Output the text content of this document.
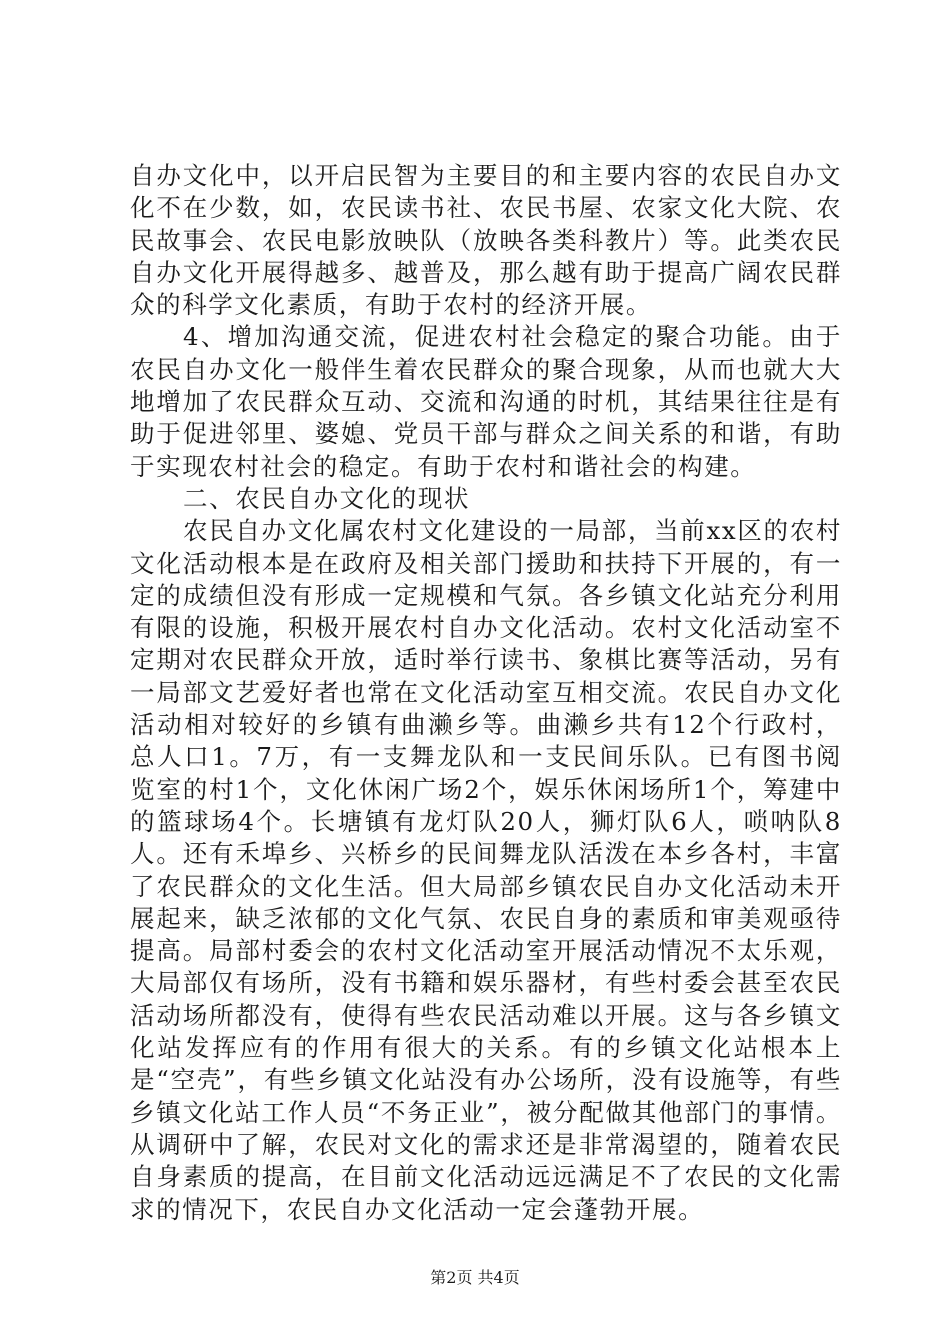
自办文化中，以开启民智为主要目的和主要内容的农民自办文化不在少数，如，农民读书社、农民书屋、农家文化大院、农民故事会、农民电影放映队（放映各类科教片）等。此类农民自办文化开展得越多、越普及，那么越有助于提高广阔农民群众的科学文化素质，有助于农村的经济开展。

4、增加沟通交流，促进农村社会稳定的聚合功能。由于农民自办文化一般伴生着农民群众的聚合现象，从而也就大大地增加了农民群众互动、交流和沟通的时机，其结果往往是有助于促进邻里、婆媳、党员干部与群众之间关系的和谐，有助于实现农村社会的稳定。有助于农村和谐社会的构建。

二、农民自办文化的现状

农民自办文化属农村文化建设的一局部，当前xx区的农村文化活动根本是在政府及相关部门援助和扶持下开展的，有一定的成绩但没有形成一定规模和气氛。各乡镇文化站充分利用有限的设施，积极开展农村自办文化活动。农村文化活动室不定期对农民群众开放，适时举行读书、象棋比赛等活动，另有一局部文艺爱好者也常在文化活动室互相交流。农民自办文化活动相对较好的乡镇有曲濑乡等。曲濑乡共有12个行政村，总人口1。7万，有一支舞龙队和一支民间乐队。已有图书阅览室的村1个，文化休闲广场2个，娱乐休闲场所1个，筹建中的篮球场4个。长塘镇有龙灯队20人，狮灯队6人，唢呐队8人。还有禾埠乡、兴桥乡的民间舞龙队活泼在本乡各村，丰富了农民群众的文化生活。但大局部乡镇农民自办文化活动未开展起来，缺乏浓郁的文化气氛、农民自身的素质和审美观亟待提高。局部村委会的农村文化活动室开展活动情况不太乐观，大局部仅有场所，没有书籍和娱乐器材，有些村委会甚至农民活动场所都没有，使得有些农民活动难以开展。这与各乡镇文化站发挥应有的作用有很大的关系。有的乡镇文化站根本上是“空壳”，有些乡镇文化站没有办公场所，没有设施等，有些乡镇文化站工作人员“不务正业”，被分配做其他部门的事情。从调研中了解，农民对文化的需求还是非常渴望的，随着农民自身素质的提高，在目前文化活动远远满足不了农民的文化需求的情况下，农民自办文化活动一定会蓬勃开展。

第2页 共4页
